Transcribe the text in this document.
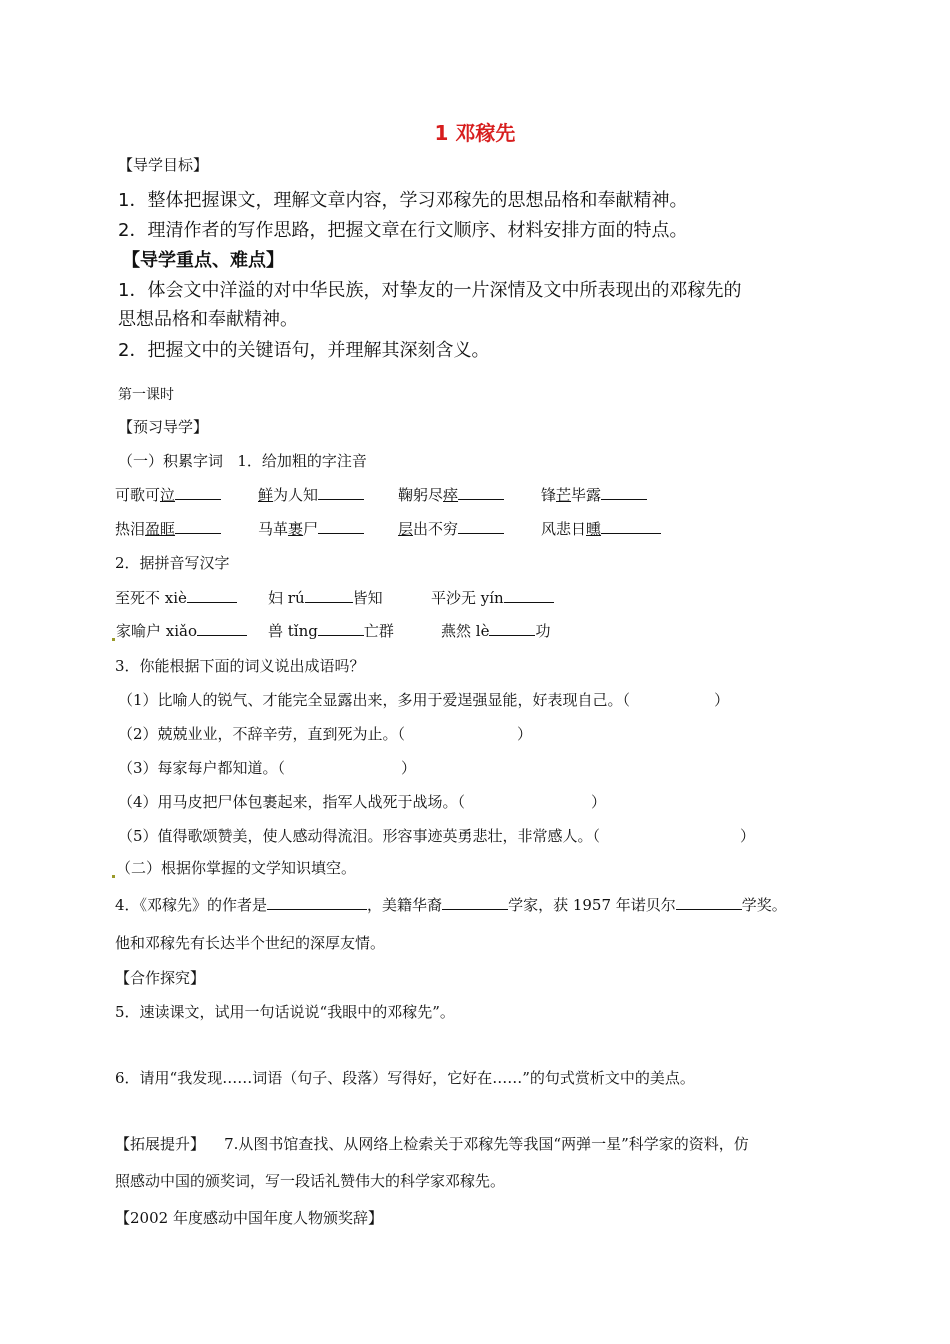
1 邓稼先
【导学目标】
1．整体把握课文，理解文章内容，学习邓稼先的思想品格和奉献精神。
2．理清作者的写作思路，把握文章在行文顺序、材料安排方面的特点。
【导学重点、难点】
1．体会文中洋溢的对中华民族，对挚友的一片深情及文中所表现出的邓稼先的
思想品格和奉献精神。
2．把握文中的关键语句，并理解其深刻含义。
第一课时
【预习导学】
（一）积累字词 1．给加粗的字注音
可歌可泣	鲜为人知	鞠躬尽瘁	锋芒毕露
热泪盈眶	马革裹尸	层出不穷	风悲日曛
2．据拼音写汉字
至死不 xiè	妇 rú	皆知	平沙无 yín
家喻户 xiǎo	兽 tǐng	亡群	燕然 lè	功
3．你能根据下面的词义说出成语吗？
（1）比喻人的锐气、才能完全显露出来，多用于爱逞强显能，好表现自己。（	）
（2）兢兢业业，不辞辛劳，直到死为止。（	）
（3）每家每户都知道。（	）
（4）用马皮把尸体包裹起来，指军人战死于战场。（	）
（5）值得歌颂赞美，使人感动得流泪。形容事迹英勇悲壮，非常感人。（	）
（二）根据你掌握的文学知识填空。
4．《邓稼先》的作者是	，美籍华裔	学家，获 1957 年诺贝尔	学奖。
他和邓稼先有长达半个世纪的深厚友情。
【合作探究】
5．速读课文，试用一句话说说“我眼中的邓稼先”。
6．请用“我发现……词语（句子、段落）写得好，它好在……”的句式赏析文中的美点。
【拓展提升】 7.从图书馆查找、从网络上检索关于邓稼先等我国“两弹一星”科学家的资料，仿
照感动中国的颁奖词，写一段话礼赞伟大的科学家邓稼先。
【2002 年度感动中国年度人物颁奖辞】
